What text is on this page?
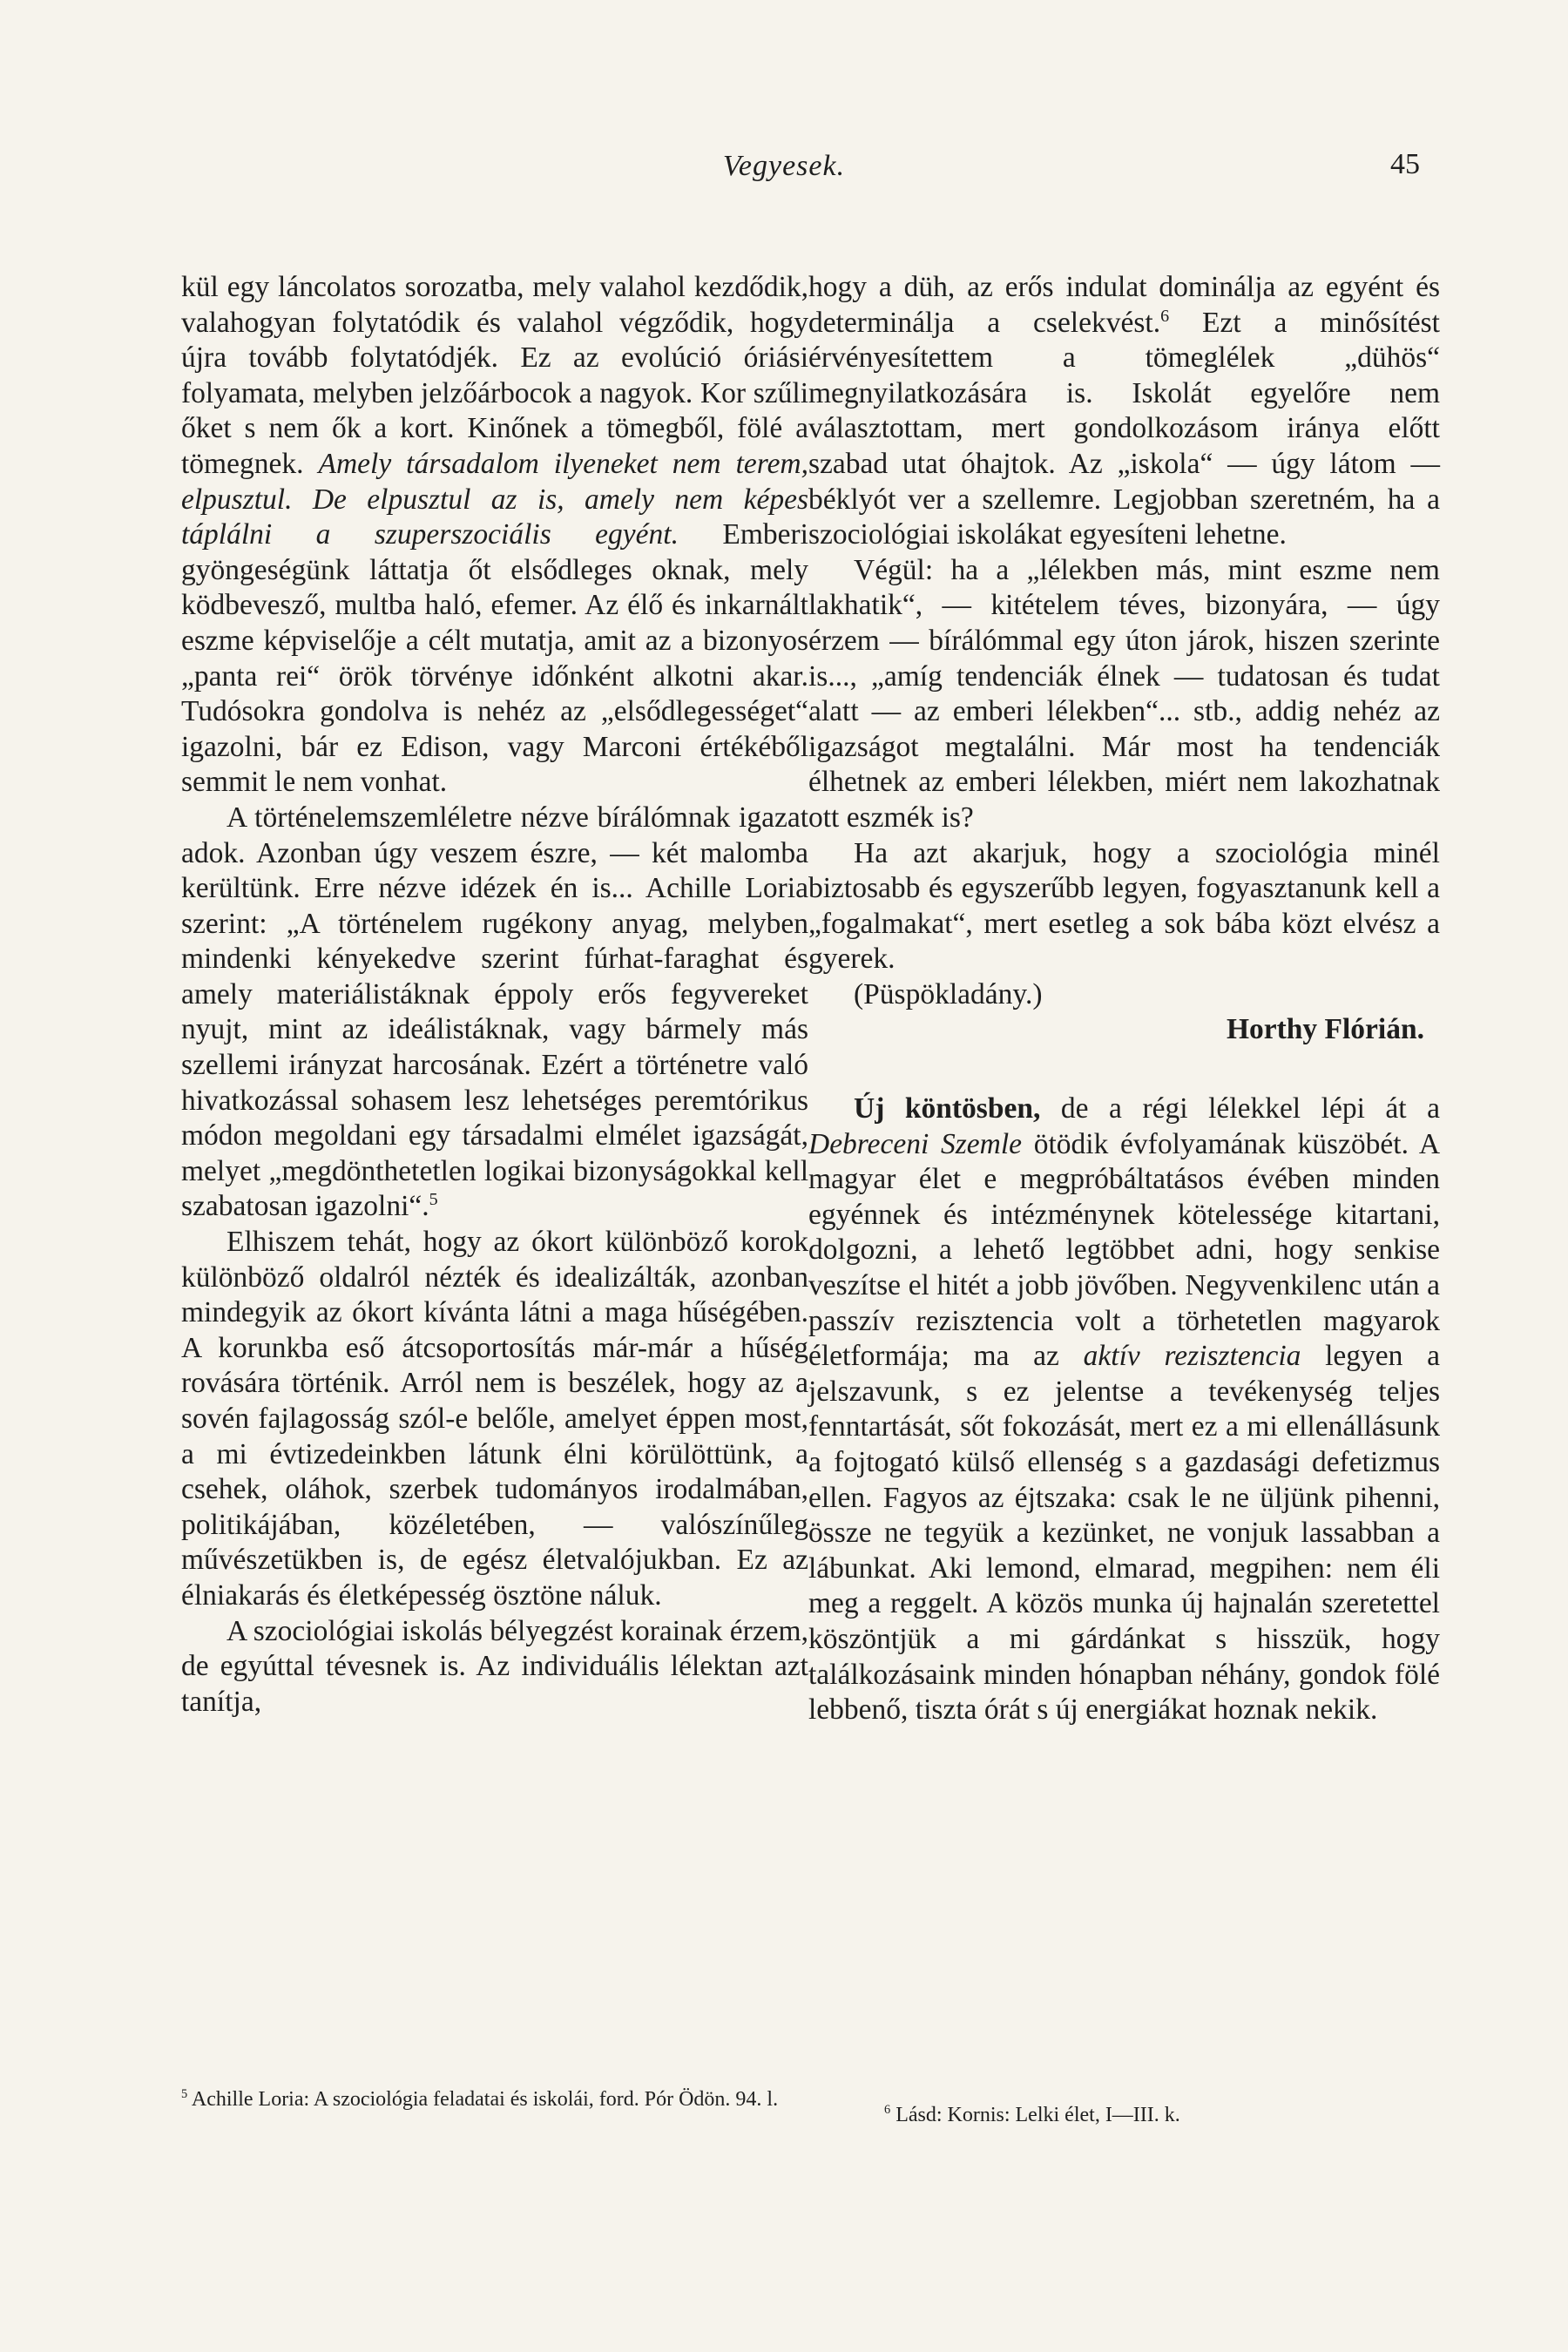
Vegyesek.	45

kül egy láncolatos sorozatba, mely valahol kezdődik, valahogyan folytatódik és valahol végződik, hogy újra tovább folytatódjék. Ez az evolúció óriási folyamata, melyben jelzőárbocok a nagyok. Kor szűli őket s nem ők a kort. Kinőnek a tömegből, fölé a tömegnek. Amely társadalom ilyeneket nem terem, elpusztul. De elpusztul az is, amely nem képes táplálni a szuperszociális egyént. Emberi gyöngeségünk láttatja őt elsődleges oknak, mely ködbevesző, multba haló, efemer. Az élő és inkarnált eszme képviselője a célt mutatja, amit az a bizonyos „panta rei“ örök törvénye időnként alkotni akar. Tudósokra gondolva is nehéz az „elsődlegességet“ igazolni, bár ez Edison, vagy Marconi értékéből semmit le nem vonhat.

A történelemszemléletre nézve bírálómnak igazat adok. Azonban úgy veszem észre, — két malomba kerültünk. Erre nézve idézek én is... Achille Loria szerint: „A történelem rugékony anyag, melyben mindenki kényekedve szerint fúrhat-faraghat és amely materiálistáknak éppoly erős fegyvereket nyujt, mint az ideálistáknak, vagy bármely más szellemi irányzat harcosának. Ezért a történetre való hivatkozással sohasem lesz lehetséges peremtórikus módon megoldani egy társadalmi elmélet igazságát, melyet „megdönthetetlen logikai bizonyságokkal kell szabatosan igazolni“.$^5$

Elhiszem tehát, hogy az ókort különböző korok különböző oldalról nézték és idealizálták, azonban mindegyik az ókort kívánta látni a maga hűségében. A korunkba eső átcsoportosítás már-már a hűség rovására történik. Arról nem is beszélek, hogy az a sovén fajlagosság szól-e belőle, amelyet éppen most, a mi évtizedeinkben látunk élni körülöttünk, a csehek, oláhok, szerbek tudományos irodalmában, politikájában, közéletében, — valószínűleg művészetükben is, de egész életvalójukban. Ez az élniakarás és életképesség ösztöne náluk.

A szociológiai iskolás bélyegzést korainak érzem, de egyúttal tévesnek is. Az individuális lélektan azt tanítja,

hogy a düh, az erős indulat dominálja az egyént és determinálja a cselekvést.$^6$ Ezt a minősítést érvényesítettem a tömeglélek „dühös“ megnyilatkozására is. Iskolát egyelőre nem választottam, mert gondolkozásom iránya előtt szabad utat óhajtok. Az „iskola“ — úgy látom — béklyót ver a szellemre. Legjobban szeretném, ha a szociológiai iskolákat egyesíteni lehetne.

Végül: ha a „lélekben más, mint eszme nem lakhatik“, — kitételem téves, bizonyára, — úgy érzem — bírálómmal egy úton járok, hiszen szerinte is..., „amíg tendenciák élnek — tudatosan és tudat alatt — az emberi lélekben“... stb., addig nehéz az igazságot megtalálni. Már most ha tendenciák élhetnek az emberi lélekben, miért nem lakozhatnak ott eszmék is?

Ha azt akarjuk, hogy a szociológia minél biztosabb és egyszerűbb legyen, fogyasztanunk kell a „fogalmakat“, mert esetleg a sok bába közt elvész a gyerek.

(Püspökladány.)

Horthy Flórián.

Új köntösben, de a régi lélekkel lépi át a Debreceni Szemle ötödik évfolyamának küszöbét. A magyar élet e megpróbáltatásos évében minden egyénnek és intézménynek kötelessége kitartani, dolgozni, a lehető legtöbbet adni, hogy senkise veszítse el hitét a jobb jövőben. Negyvenkilenc után a passzív rezisztencia volt a törhetetlen magyarok életformája; ma az aktív rezisztencia legyen a jelszavunk, s ez jelentse a tevékenység teljes fenntartását, sőt fokozását, mert ez a mi ellenállásunk a fojtogató külső ellenség s a gazdasági defetizmus ellen. Fagyos az éjtszaka: csak le ne üljünk pihenni, össze ne tegyük a kezünket, ne vonjuk lassabban a lábunkat. Aki lemond, elmarad, megpihen: nem éli meg a reggelt. A közös munka új hajnalán szeretettel köszöntjük a mi gárdánkat s hisszük, hogy találkozásaink minden hónapban néhány, gondok fölé lebbenő, tiszta órát s új energiákat hoznak nekik.

$^5$ Achille Loria: A szociológia feladatai és iskolái, ford. Pór Ödön. 94. l.	$^6$ Lásd: Kornis: Lelki élet, I—III. k.
